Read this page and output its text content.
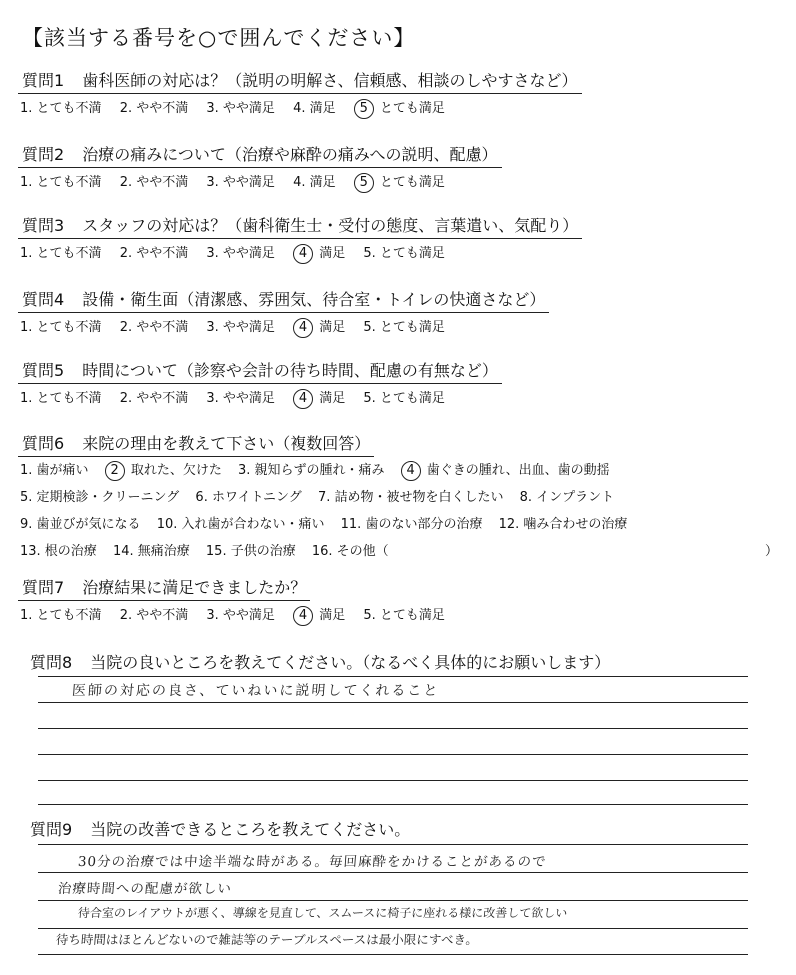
【該当する番号を○で囲んでください】
質問1 歯科医師の対応は？（説明の明解さ、信頼感、相談のしやすさなど）
1. とても不満 2. やや不満 3. やや満足 4. 満足 5 とても満足
質問2 治療の痛みについて（治療や麻酔の痛みへの説明、配慮）
1. とても不満 2. やや不満 3. やや満足 4. 満足 5 とても満足
質問3 スタッフの対応は？（歯科衛生士・受付の態度、言葉遣い、気配り）
1. とても不満 2. やや不満 3. やや満足 4 満足 5. とても満足
質問4 設備・衛生面（清潔感、雰囲気、待合室・トイレの快適さなど）
1. とても不満 2. やや不満 3. やや満足 4 満足 5. とても満足
質問5 時間について（診察や会計の待ち時間、配慮の有無など）
1. とても不満 2. やや不満 3. やや満足 4 満足 5. とても満足
質問6 来院の理由を教えて下さい（複数回答）
1. 歯が痛い 2 取れた、欠けた 3. 親知らずの腫れ・痛み 4 歯ぐきの腫れ、出血、歯の動揺
5. 定期検診・クリーニング 6. ホワイトニング 7. 詰め物・被せ物を白くしたい 8. インプラント
9. 歯並びが気になる 10. 入れ歯が合わない・痛い 11. 歯のない部分の治療 12. 噛み合わせの治療
13. 根の治療 14. 無痛治療 15. 子供の治療 16. その他（	）
質問7 治療結果に満足できましたか？
1. とても不満 2. やや不満 3. やや満足 4 満足 5. とても満足
質問8 当院の良いところを教えてください。（なるべく具体的にお願いします）
医師の対応の良さ、ていねいに説明してくれること
質問9 当院の改善できるところを教えてください。
30分の治療では中途半端な時がある。毎回麻酔をかけることがあるので
治療時間への配慮が欲しい
待合室のレイアウトが悪く、導線を見直して、スムースに椅子に座れる様に改善して欲しい
待ち時間はほとんどないので雑誌等のテーブルスペースは最小限にすべき。
